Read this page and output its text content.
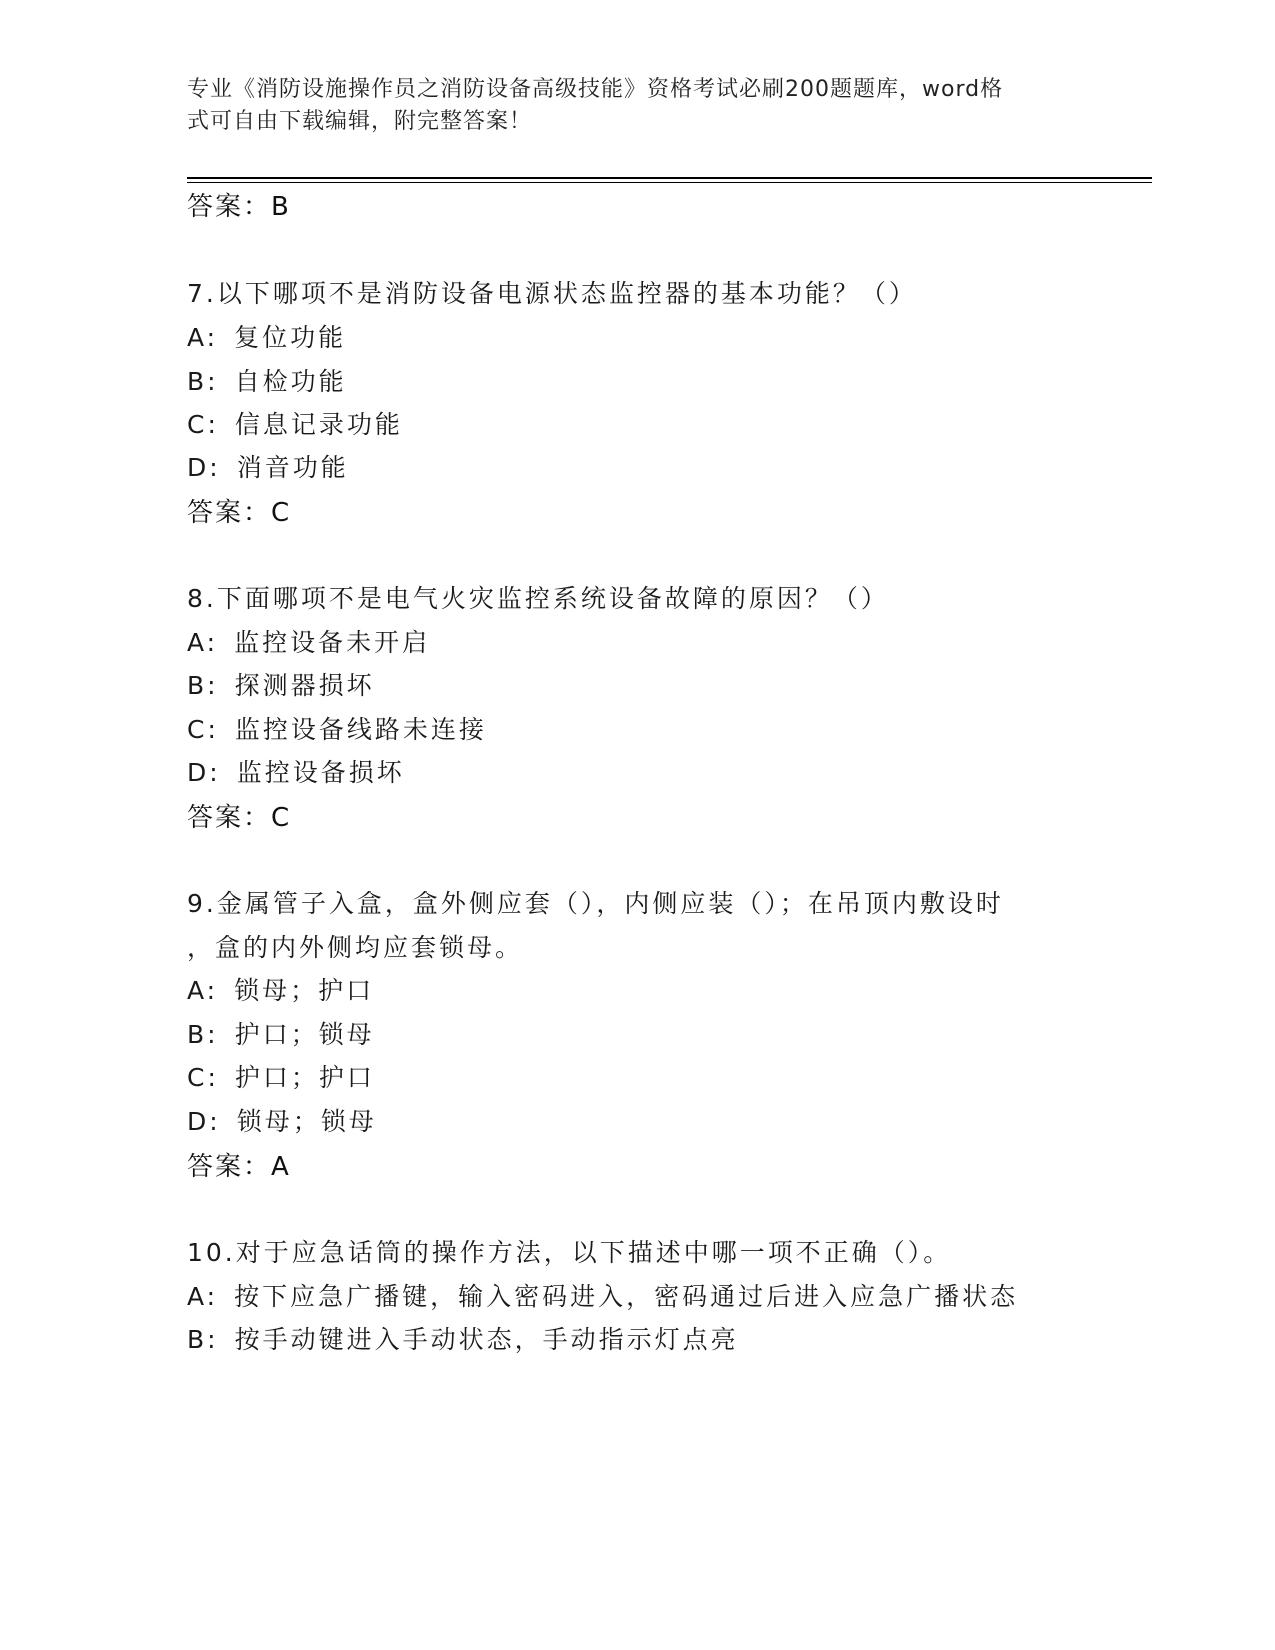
专业《消防设施操作员之消防设备高级技能》资格考试必刷200题题库，word格
式可自由下载编辑，附完整答案！
答案：B
7.以下哪项不是消防设备电源状态监控器的基本功能？（）
A: 复位功能
B: 自检功能
C: 信息记录功能
D: 消音功能
答案：C
8.下面哪项不是电气火灾监控系统设备故障的原因？（）
A: 监控设备未开启
B: 探测器损坏
C: 监控设备线路未连接
D: 监控设备损坏
答案：C
9.金属管子入盒，盒外侧应套（），内侧应装（）；在吊顶内敷设时
，盒的内外侧均应套锁母。
A: 锁母；护口
B: 护口；锁母
C: 护口；护口
D: 锁母；锁母
答案：A
10.对于应急话筒的操作方法，以下描述中哪一项不正确（）。
A: 按下应急广播键，输入密码进入，密码通过后进入应急广播状态
B: 按手动键进入手动状态，手动指示灯点亮
